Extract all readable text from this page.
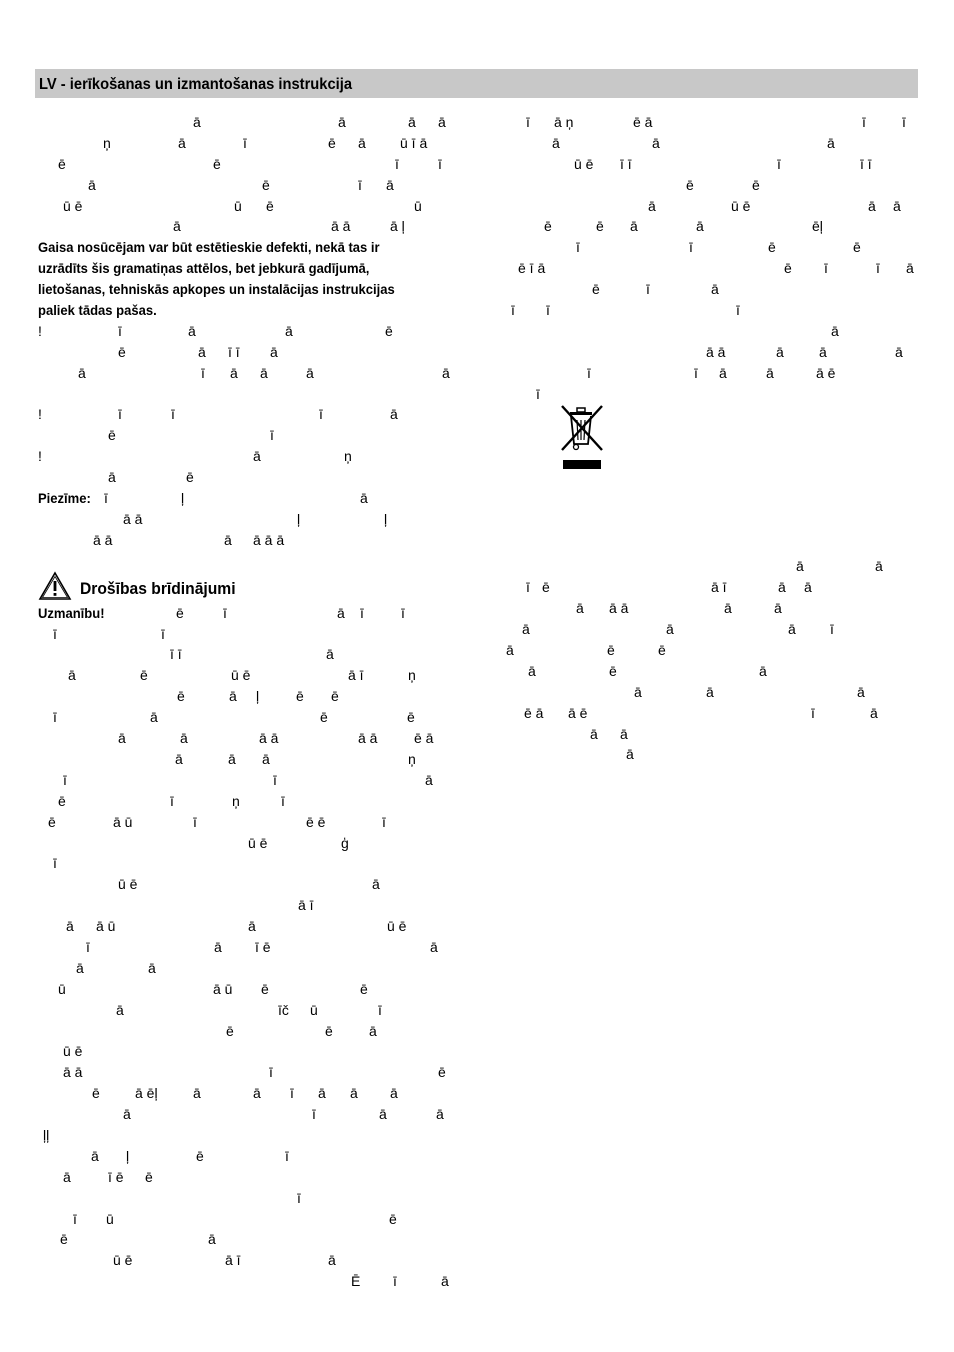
LV - ierīkošanas un izmantošanas instrukcija
ā	ā	ā ā
ņ	ā	ī	ē ā ū ī ā
ē	ē	ī	ī
ā	ē	ī ā
ū ē	ū ē	ū
ā	ā ā	ā ļ
Gaisa nosūcējam var būt estētieskie defekti, nekā tas ir
uzrādīts šis gramatiņas attēlos, bet jebkurā gadījumā,
lietošanas, tehniskās apkopes un instalācijas instrukcijas
paliek tādas pašas.
!	ī	ā	ā	ē
ē	ā ī ī ā
ā	ī ā ā	ā	ā
!	ī	ī	ī	ā
ē	ī
!	ā	ņ
ā	ē
Piezīme: ī	ļ	ā
ā ā	ļ	ļ
ā ā	ā ā ā ā
Drošības brīdinājumi
Uzmanību!	ē	ī	ā ī	ī
ī	ī
ī ī	ā
ā	ē	ū ē	ā ī	ņ
ē	ā ļ	ē ē
ī	ā	ē	ē
ā	ā	ā ā	ā ā	ē ā
ā	ā ā	ņ
ī	ī	ā
ē	ī	ņ	ī
ē	ā ū	ī	ē ē	ī
ū ē	ģ
ī
ū ē	ā
ā ī
ā ā ū	ā	ū ē
ī	ā ī ē	ā
ā	ā
ū	ā ū ē	ē
ā	īč ū	ī
ē	ē	ā
ū ē
ā ā	ī	ē
ē	ā ēļ	ā	ā ī ā ā ā
ā	ī	ā	ā
ļļ
ā ļ	ē	ī
ā	ī ē ē
ī
ī ū	ē
ē	ā
ū ē	ā ī	ā
Ē ī	ā
ī ā ņ	ē ā	ī	ī
ā	ā	ā
ū ē ī ī	ī	ī ī
ē	ē
ā	ū ē	ā ā
ē	ē ā	ā	ēļ
ī	ī	ē	ē
ē ī ā	ē ī	ī ā
ē	ī	ā
ī ī	ī
ā
ā ā	ā	ā	ā
ī	ī ā	ā	ā ē
ī
ā	ā
ī ē	ā ī	ā ā
ā ā ā	ā	ā
ā	ā	ā ī
ā	ē	ē
ā	ē	ā
ā	ā	ā
ē ā ā ē	ī	ā
ā ā
ā
